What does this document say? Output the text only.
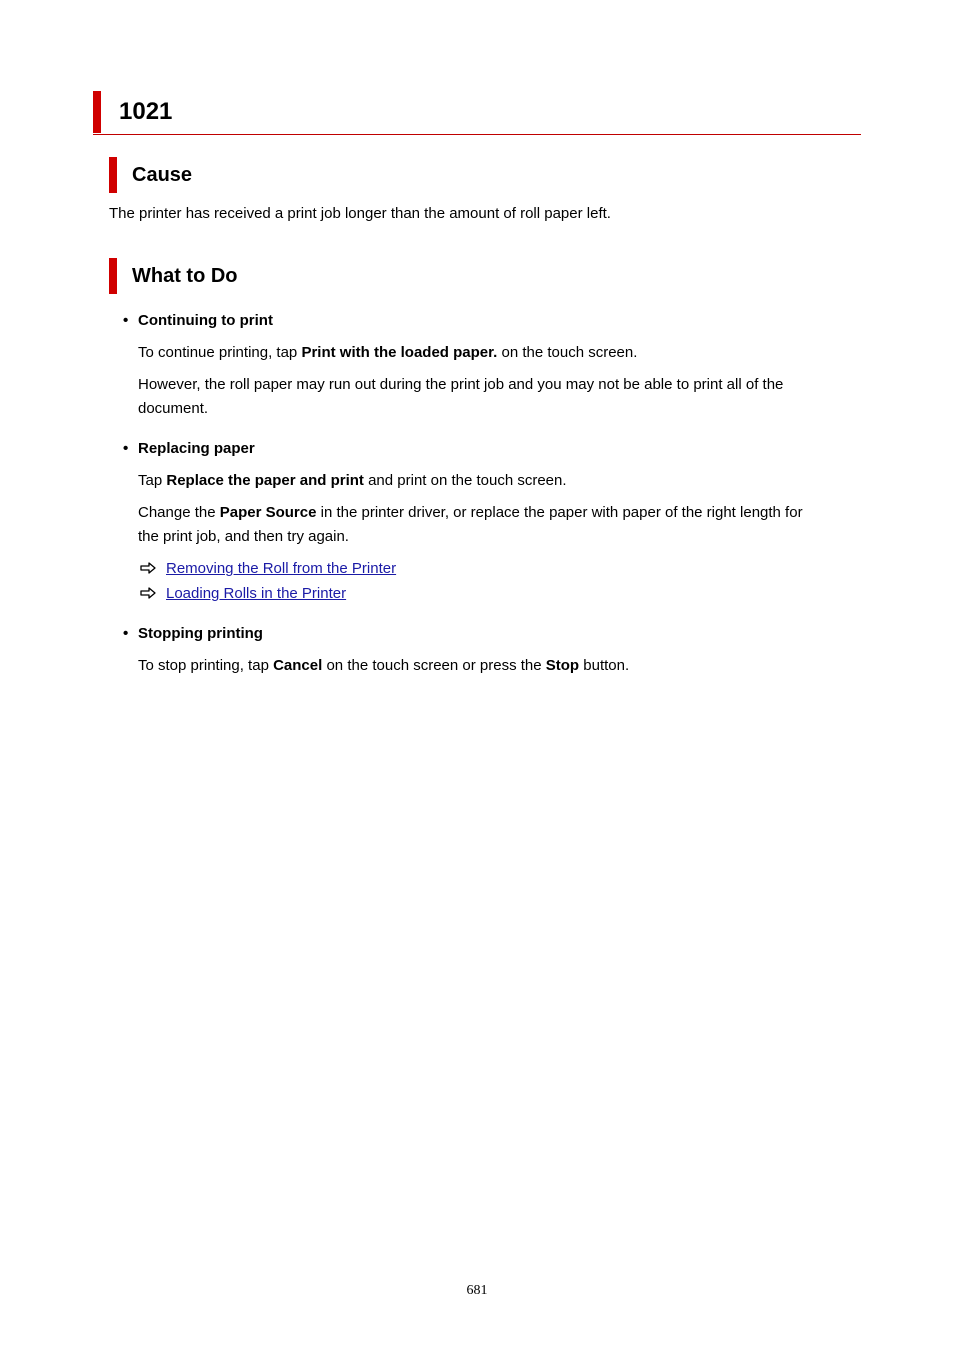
1021
Cause
The printer has received a print job longer than the amount of roll paper left.
What to Do
• Continuing to print
To continue printing, tap Print with the loaded paper. on the touch screen.
However, the roll paper may run out during the print job and you may not be able to print all of the
document.
• Replacing paper
Tap Replace the paper and print and print on the touch screen.
Change the Paper Source in the printer driver, or replace the paper with paper of the right length for
the print job, and then try again.
Removing the Roll from the Printer
Loading Rolls in the Printer
• Stopping printing
To stop printing, tap Cancel on the touch screen or press the Stop button.
681
